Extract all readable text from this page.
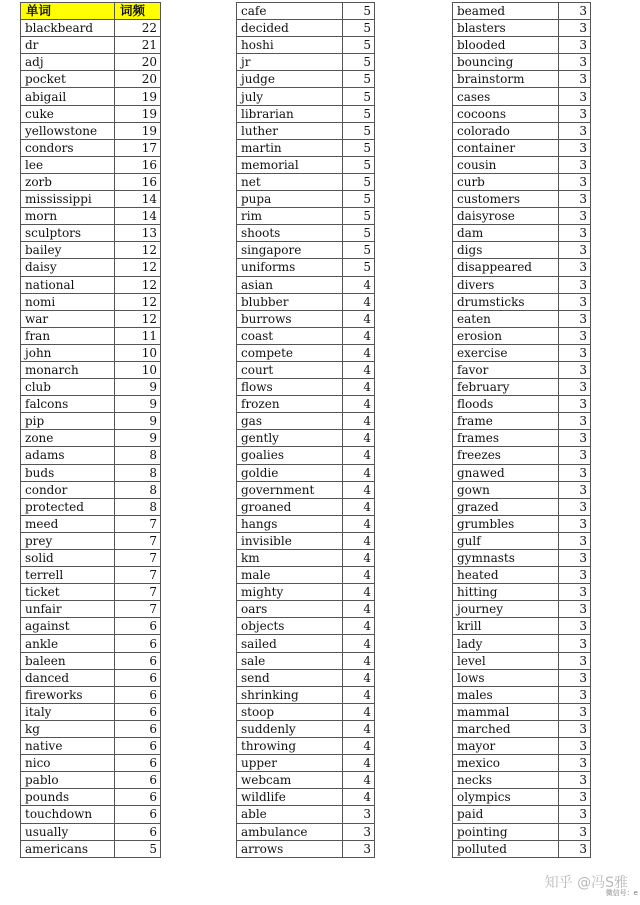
单词	词频
blackbeard	22
dr	21
adj	20
pocket	20
abigail	19
cuke	19
yellowstone	19
condors	17
lee	16
zorb	16
mississippi	14
morn	14
sculptors	13
bailey	12
daisy	12
national	12
nomi	12
war	12
fran	11
john	10
monarch	10
club	9
falcons	9
pip	9
zone	9
adams	8
buds	8
condor	8
protected	8
meed	7
prey	7
solid	7
terrell	7
ticket	7
unfair	7
against	6
ankle	6
baleen	6
danced	6
fireworks	6
italy	6
kg	6
native	6
nico	6
pablo	6
pounds	6
touchdown	6
usually	6
americans	5
cafe	5
decided	5
hoshi	5
jr	5
judge	5
july	5
librarian	5
luther	5
martin	5
memorial	5
net	5
pupa	5
rim	5
shoots	5
singapore	5
uniforms	5
asian	4
blubber	4
burrows	4
coast	4
compete	4
court	4
flows	4
frozen	4
gas	4
gently	4
goalies	4
goldie	4
government	4
groaned	4
hangs	4
invisible	4
km	4
male	4
mighty	4
oars	4
objects	4
sailed	4
sale	4
send	4
shrinking	4
stoop	4
suddenly	4
throwing	4
upper	4
webcam	4
wildlife	4
able	3
ambulance	3
arrows	3
beamed	3
blasters	3
blooded	3
bouncing	3
brainstorm	3
cases	3
cocoons	3
colorado	3
container	3
cousin	3
curb	3
customers	3
daisyrose	3
dam	3
digs	3
disappeared	3
divers	3
drumsticks	3
eaten	3
erosion	3
exercise	3
favor	3
february	3
floods	3
frame	3
frames	3
freezes	3
gnawed	3
gown	3
grazed	3
grumbles	3
gulf	3
gymnasts	3
heated	3
hitting	3
journey	3
krill	3
lady	3
level	3
lows	3
males	3
mammal	3
marched	3
mayor	3
mexico	3
necks	3
olympics	3
paid	3
pointing	3
polluted	3
知乎 @冯S雅
微信号：e
